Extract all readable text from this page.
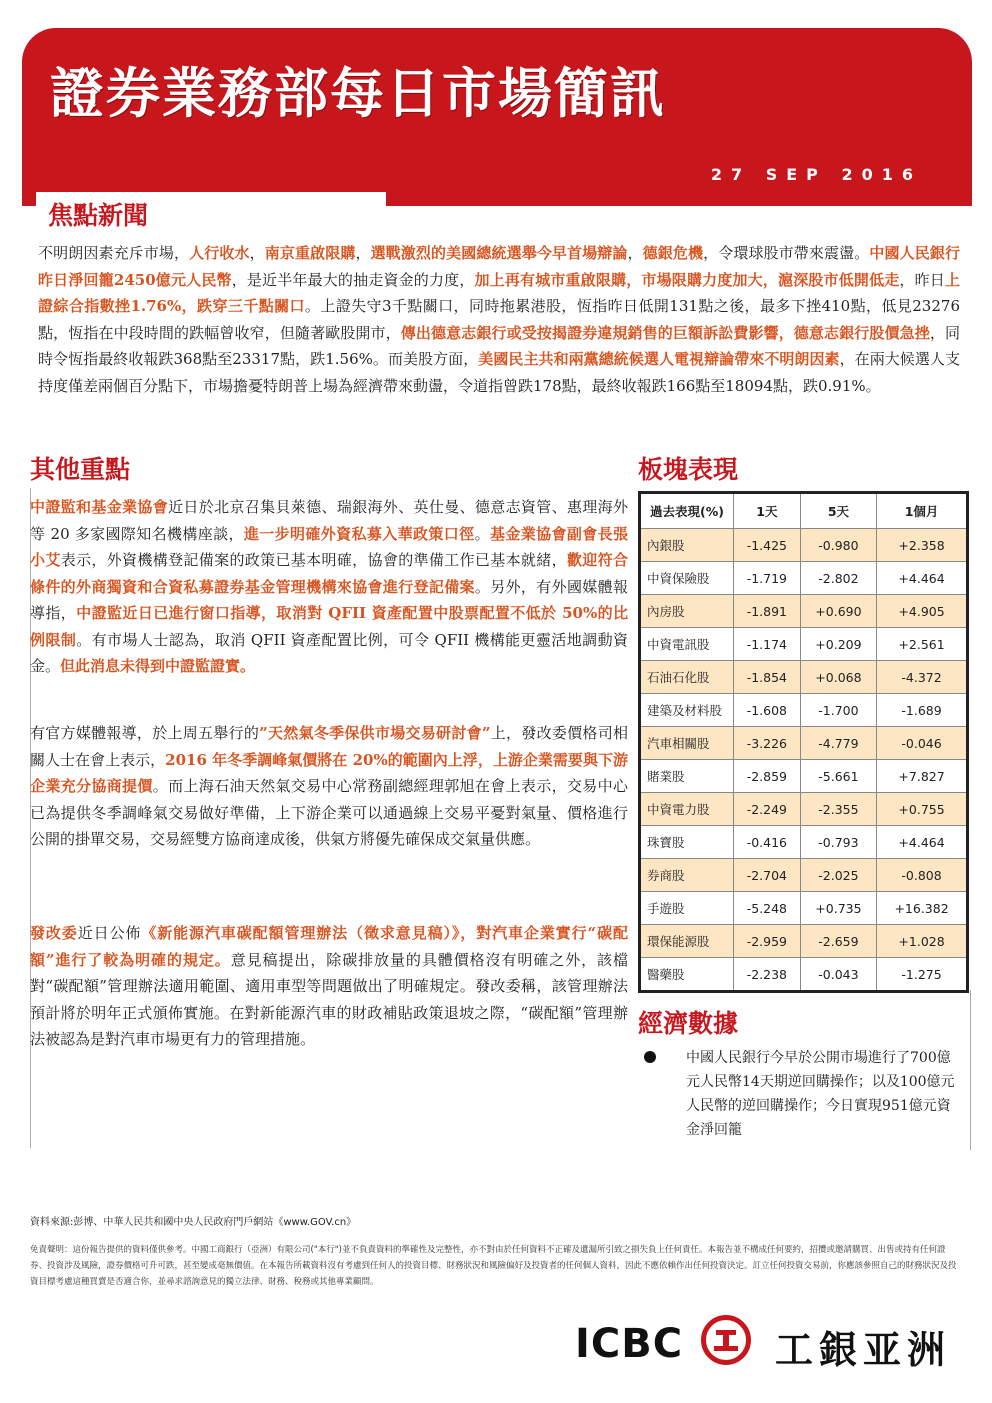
證券業務部每日市場簡訊
27 SEP 2016
焦點新聞
不明朗因素充斥市場，人行收水，南京重啟限購，選戰激烈的美國總統選舉今早首場辯論，德銀危機，令環球股市帶來震盪。中國人民銀行昨日淨回籠2450億元人民幣，是近半年最大的抽走資金的力度，加上再有城市重啟限購，市場限購力度加大，滬深股市低開低走，昨日上證綜合指數挫1.76%，跌穿三千點關口。上證失守3千點關口，同時拖累港股，恆指昨日低開131點之後，最多下挫410點，低見23276點，恆指在中段時間的跌幅曾收窄，但隨著歐股開市，傳出德意志銀行或受按揭證券違規銷售的巨額訴訟費影響，德意志銀行股價急挫，同時令恆指最終收報跌368點至23317點，跌1.56%。而美股方面，美國民主共和兩黨總統候選人電視辯論帶來不明朗因素，在兩大候選人支持度僅差兩個百分點下，市場擔憂特朗普上場為經濟帶來動盪，令道指曾跌178點，最終收報跌166點至18094點，跌0.91%。
其他重點
中證監和基金業協會近日於北京召集貝萊德、瑞銀海外、英仕曼、德意志資管、惠理海外等 20 多家國際知名機構座談，進一步明確外資私募入華政策口徑。基金業協會副會長張小艾表示，外資機構登記備案的政策已基本明確，協會的準備工作已基本就緒，歡迎符合條件的外商獨資和合資私募證券基金管理機構來協會進行登記備案。另外，有外國媒體報導指，中證監近日已進行窗口指導，取消對 QFII 資產配置中股票配置不低於 50%的比例限制。有市場人士認為，取消 QFII 資產配置比例，可令 QFII 機構能更靈活地調動資金。但此消息未得到中證監證實。
有官方媒體報導，於上周五舉行的”天然氣冬季保供市場交易研討會”上，發改委價格司相關人士在會上表示，2016 年冬季調峰氣價將在 20%的範圍內上浮，上游企業需要與下游企業充分協商提價。而上海石油天然氣交易中心常務副總經理郭旭在會上表示，交易中心已為提供冬季調峰氣交易做好準備，上下游企業可以通過線上交易平憂對氣量、價格進行公開的掛單交易，交易經雙方協商達成後，供氣方將優先確保成交氣量供應。
發改委近日公佈《新能源汽車碳配額管理辦法（徵求意見稿）》，對汽車企業實行“碳配額”進行了較為明確的規定。意見稿提出，除碳排放量的具體價格沒有明確之外，該檔對“碳配額”管理辦法適用範圍、適用車型等問題做出了明確規定。發改委稱，該管理辦法預計將於明年正式頒佈實施。在對新能源汽車的財政補貼政策退坡之際，“碳配額”管理辦法被認為是對汽車市場更有力的管理措施。
板塊表現
過去表現(%)	1天	5天	1個月
內銀股	-1.425	-0.980	+2.358
中資保險股	-1.719	-2.802	+4.464
內房股	-1.891	+0.690	+4.905
中資電訊股	-1.174	+0.209	+2.561
石油石化股	-1.854	+0.068	-4.372
建築及材料股	-1.608	-1.700	-1.689
汽車相關股	-3.226	-4.779	-0.046
賭業股	-2.859	-5.661	+7.827
中資電力股	-2.249	-2.355	+0.755
珠寶股	-0.416	-0.793	+4.464
券商股	-2.704	-2.025	-0.808
手遊股	-5.248	+0.735	+16.382
環保能源股	-2.959	-2.659	+1.028
醫藥股	-2.238	-0.043	-1.275
經濟數據
中國人民銀行今早於公開市場進行了700億元人民幣14天期逆回購操作；以及100億元人民幣的逆回購操作；今日實現951億元資金淨回籠
資料來源:彭博、中華人民共和國中央人民政府門戶網站《www.GOV.cn》
免責聲明：這份報告提供的資料僅供參考。中國工商銀行（亞洲）有限公司("本行")並不負責資料的準確性及完整性，亦不對由於任何資料不正確及遺漏所引致之損失負上任何責任。本報告並不構成任何要約，招攬或邀請購買、出售或持有任何證券、投資涉及風險，證券價格可升可跌，甚至變成毫無價值。在本報告所載資料沒有考慮到任何人的投資目標、財務狀況和風險偏好及投資者的任何個人資料，因此不應依賴作出任何投資決定。訂立任何投資交易前，你應該參照自己的財務狀況及投資目標考慮這種買賣是否適合你，並尋求諮詢意見的獨立法律、財務、稅務或其他專業顧問。
ICBC 工銀亚洲
